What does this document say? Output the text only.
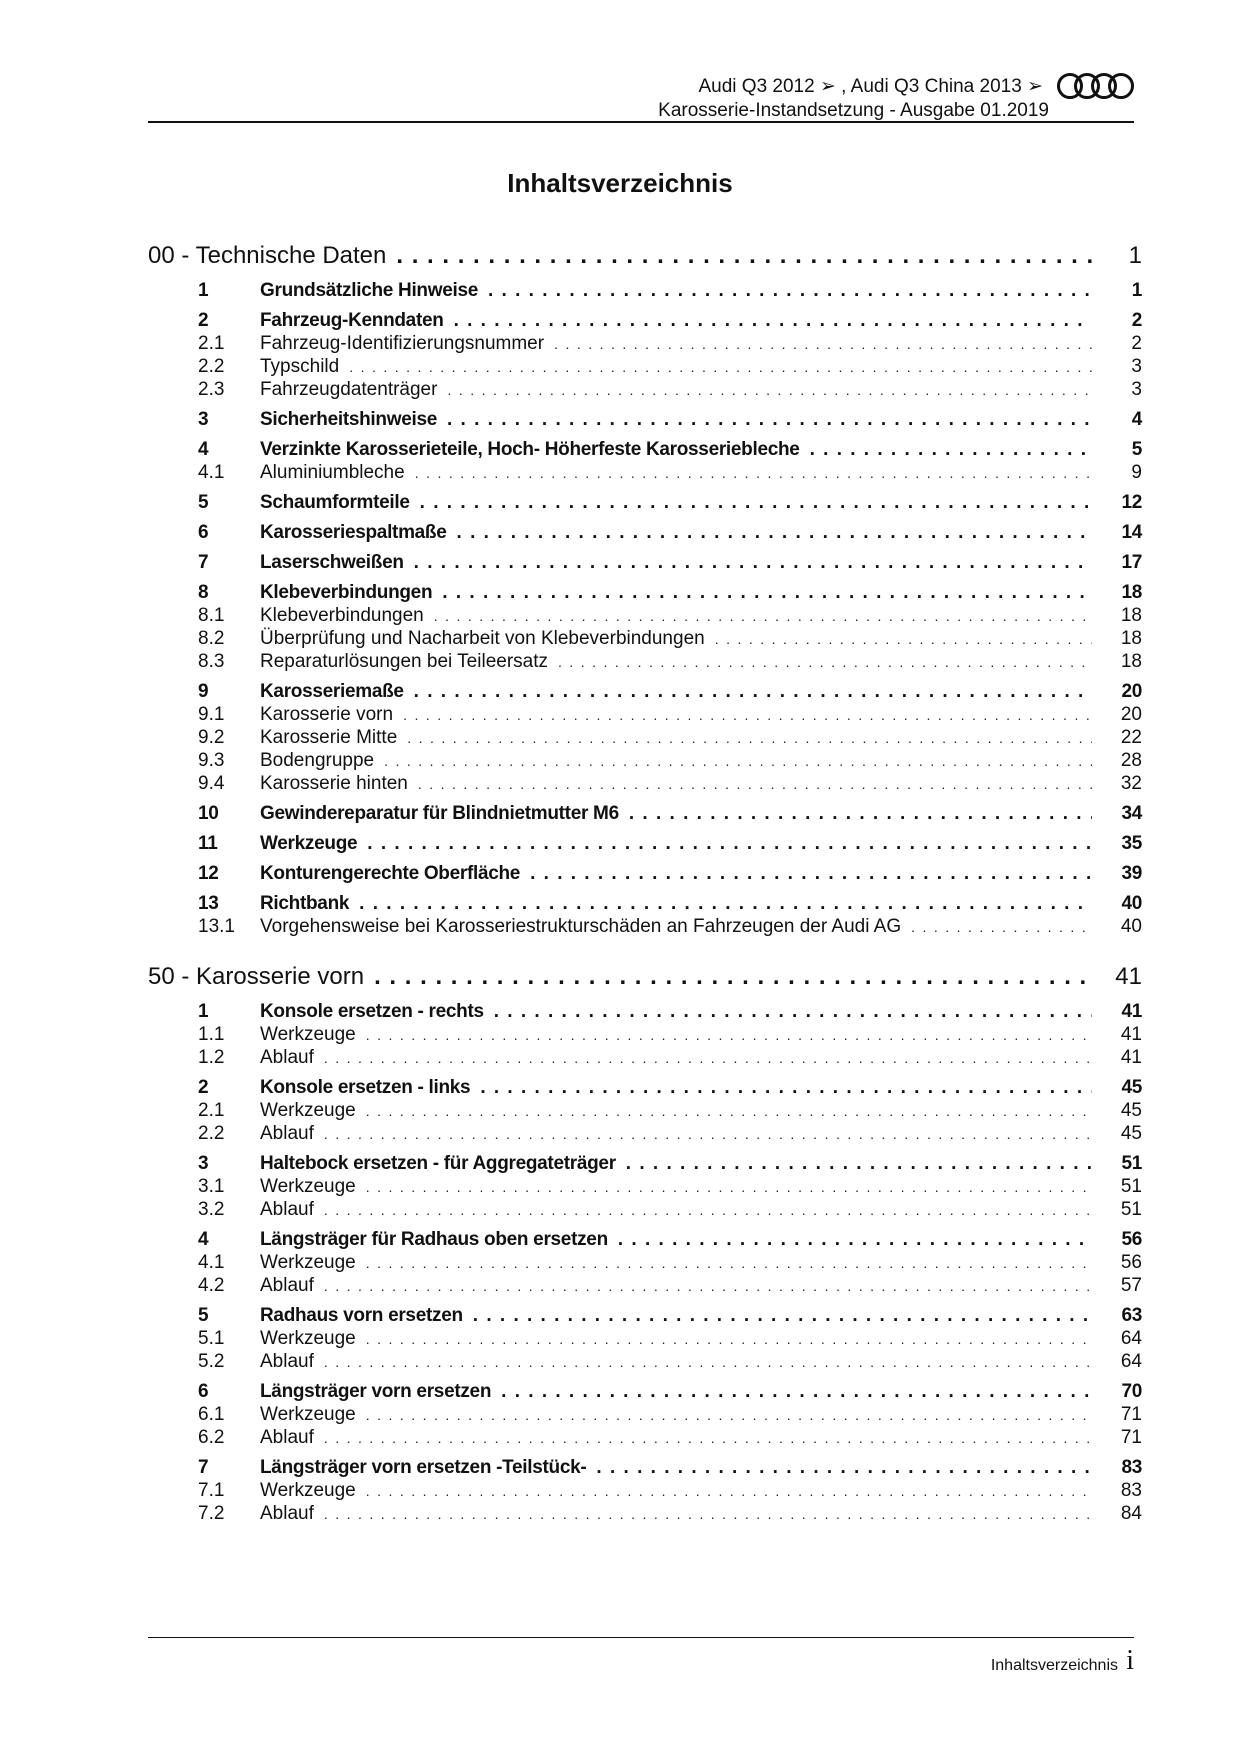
Audi Q3 2012 ➢ , Audi Q3 China 2013 ➢
Karosserie-Instandsetzung - Ausgabe 01.2019
Inhaltsverzeichnis
00 - Technische Daten . . .	1
1	Grundsätzliche Hinweise . . .	1
2	Fahrzeug-Kenndaten . . .	2
2.1	Fahrzeug-Identifizierungsnummer . . .	2
2.2	Typschild . . .	3
2.3	Fahrzeugdatenträger . . .	3
3	Sicherheitshinweise . . .	4
4	Verzinkte Karosserieteile, Hoch- Höherfeste Karosseriebleche . . .	5
4.1	Aluminiumbleche . . .	9
5	Schaumformteile . . .	12
6	Karosseriespaltmaße . . .	14
7	Laserschweißen . . .	17
8	Klebeverbindungen . . .	18
8.1	Klebeverbindungen . . .	18
8.2	Überprüfung und Nacharbeit von Klebeverbindungen . . .	18
8.3	Reparaturlösungen bei Teileersatz . . .	18
9	Karosseriemaße . . .	20
9.1	Karosserie vorn . . .	20
9.2	Karosserie Mitte . . .	22
9.3	Bodengruppe . . .	28
9.4	Karosserie hinten . . .	32
10	Gewindereparatur für Blindnietmutter M6 . . .	34
11	Werkzeuge . . .	35
12	Konturengerechte Oberfläche . . .	39
13	Richtbank . . .	40
13.1	Vorgehensweise bei Karosseriestrukturschäden an Fahrzeugen der Audi AG . . .	40
50 - Karosserie vorn . . .	41
1	Konsole ersetzen - rechts . . .	41
1.1	Werkzeuge . . .	41
1.2	Ablauf . . .	41
2	Konsole ersetzen - links . . .	45
2.1	Werkzeuge . . .	45
2.2	Ablauf . . .	45
3	Haltebock ersetzen - für Aggregateträger . . .	51
3.1	Werkzeuge . . .	51
3.2	Ablauf . . .	51
4	Längsträger für Radhaus oben ersetzen . . .	56
4.1	Werkzeuge . . .	56
4.2	Ablauf . . .	57
5	Radhaus vorn ersetzen . . .	63
5.1	Werkzeuge . . .	64
5.2	Ablauf . . .	64
6	Längsträger vorn ersetzen . . .	70
6.1	Werkzeuge . . .	71
6.2	Ablauf . . .	71
7	Längsträger vorn ersetzen -Teilstück- . . .	83
7.1	Werkzeuge . . .	83
7.2	Ablauf . . .	84
Inhaltsverzeichnis i
